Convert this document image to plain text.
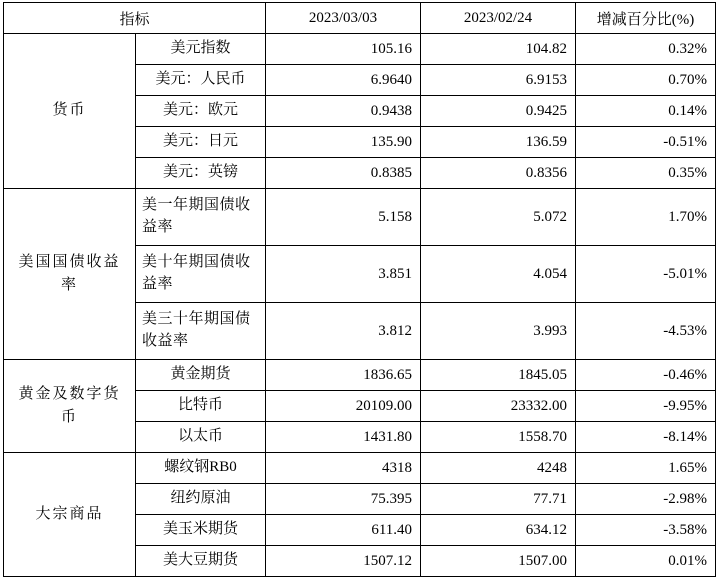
指标		2023/03/03	2023/02/24	增减百分比(%)
货币	美元指数	105.16	104.82	0.32%
	美元：人民币	6.9640	6.9153	0.70%
	美元：欧元	0.9438	0.9425	0.14%
	美元：日元	135.90	136.59	-0.51%
	美元：英镑	0.8385	0.8356	0.35%
美国国债收益率	美一年期国债收益率	5.158	5.072	1.70%
	美十年期国债收益率	3.851	4.054	-5.01%
	美三十年期国债收益率	3.812	3.993	-4.53%
黄金及数字货币	黄金期货	1836.65	1845.05	-0.46%
	比特币	20109.00	23332.00	-9.95%
	以太币	1431.80	1558.70	-8.14%
大宗商品	螺纹钢RB0	4318	4248	1.65%
	纽约原油	75.395	77.71	-2.98%
	美玉米期货	611.40	634.12	-3.58%
	美大豆期货	1507.12	1507.00	0.01%
